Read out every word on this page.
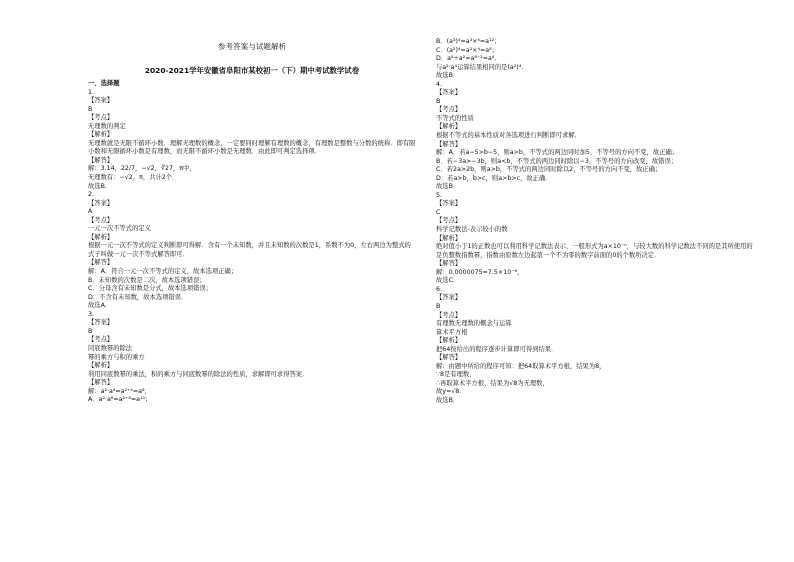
参考答案与试题解析
2020-2021学年安徽省阜阳市某校初一（下）期中考试数学试卷
一、选择题
1.
【答案】
B
【考点】
无理数的判定
【解析】
无理数就是无限不循环小数．理解无理数的概念，一定要同时理解有理数的概念，有理数是整数与分数的统称．即有限小数和无限循环小数是有理数，而无限不循环小数是无理数．由此即可判定选择项．
【解答】
解：3.14，22/7，−√2，∛27，π中，
无理数有：−√2，π，共计2个．
故选B．
2.
【答案】
A
【考点】
一元一次不等式的定义
【解析】
根据一元一次不等式的定义判断即可得解．含有一个未知数，并且未知数的次数是1，系数不为0，左右两边为整式的式子叫做一元一次不等式解答即可．
【解答】
解：A．符合一元一次不等式的定义，故本选项正确；
B．未知数的次数是二次，故本选项错误；
C．分母含有未知数是分式，故本选项错误；
D．不含有未知数，故本选项错误．
故选A．
3.
【答案】
B
【考点】
同底数幂的除法
幂的乘方与积的乘方
【解析】
利用同底数幂的乘法，积的乘方与同底数幂的除法的性质，求解即可求得答案．
【解答】
解：a²·a⁴=a²⁺⁴=a⁶，
A．a²·a⁸=a²⁺⁸=a¹⁰；
B．(a³)⁴=a³×⁴=a¹²；
C．(a²)⁴=a²×⁴=a⁸；
D．a⁸÷a²=a⁸⁻²=a⁶．
与a²·a⁴运算结果相同的是(a²)⁴．
故选B．
4.
【答案】
B
【考点】
不等式的性质
【解析】
根据不等式的基本性质对各选项进行判断即可求解．
【解答】
解：A．若a−5>b−5，则a>b，不等式的两边同时加5，不等号的方向不变，故正确；
B．若−3a>−3b，则a<b，不等式的两边同时除以−3，不等号的方向改变，故错误；
C．若2a>2b，则a>b，不等式的两边同时除以2，不等号的方向不变，故正确；
D．若a>b，b>c，则a>b>c，故正确．
故选B．
5.
【答案】
C
【考点】
科学记数法-表示较小的数
【解析】
绝对值小于1的正数也可以利用科学记数法表示，一般形式为a×10⁻ⁿ，与较大数的科学记数法不同的是其所使用的是负整数指数幂，指数由原数左边起第一个不为零的数字前面的0的个数所决定．
【解答】
解：0.0000075=7.5×10⁻⁶，
故选C．
6.
【答案】
B
【考点】
有理数无理数的概念与运算
算术平方根
【解析】
把64按给出的程序逐步计算即可得到结果．
【解答】
解：由题中所给的程序可知：把64取算术平方根，结果为8，
∵8是有理数，
∴再取算术平方根，结果为√8为无理数，
故y=√8．
故选B．
